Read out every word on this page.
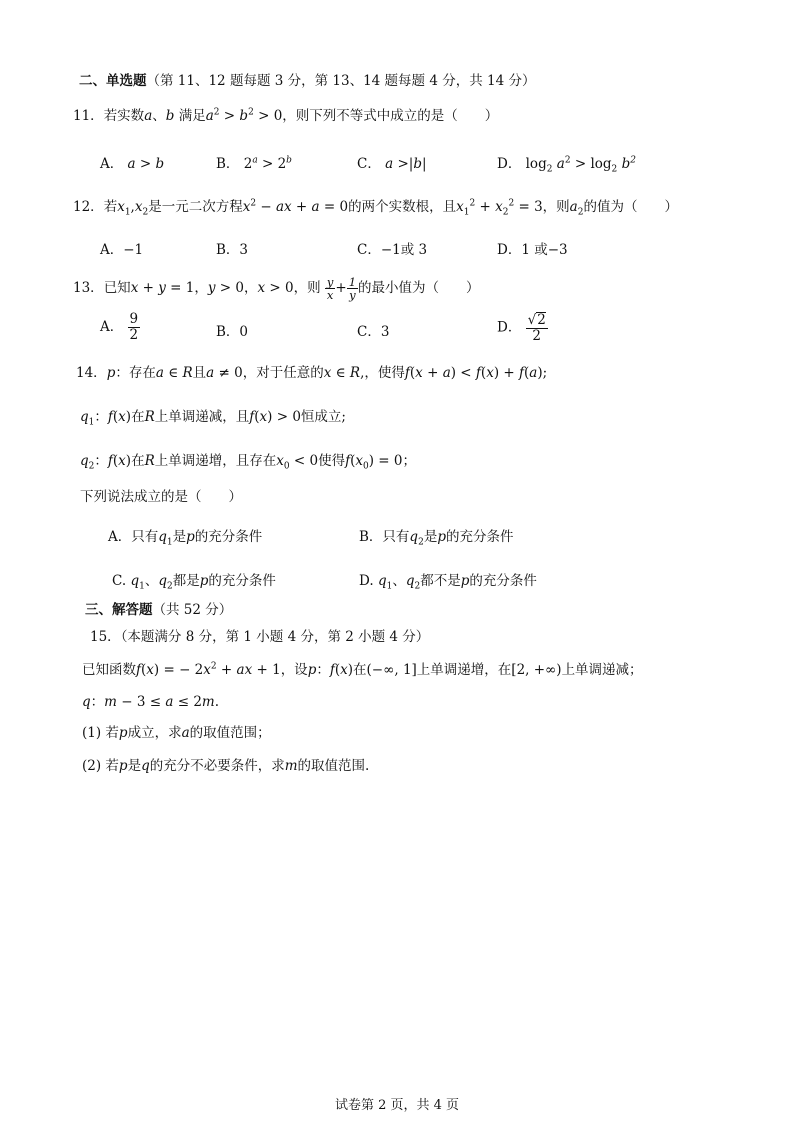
二、单选题（第 11、12 题每题 3 分，第 13、14 题每题 4 分，共 14 分）
11．若实数a、b 满足$a^2 > b^2 > 0$，则下列不等式中成立的是（　　）
A． a > b	B． $2^a > 2^b$	C． a >|b|	D． $\log_2 a^2 > \log_2 b^2$
12．若$x_1,x_2$是一元二次方程$x^2$ − ax + a = 0的两个实数根，且$x_1^2 + x_2^2 = 3$，则$a_2$的值为（　　）
A．−1	B．3	C．−1或 3	D．1 或−3
13．已知x + y = 1，y > 0，x > 0，则 $\frac{y}{x} + \frac{1}{y}$ 的最小值为（　　）
A． $\frac{9}{2}$	B．0	C．3	D． $\frac{√2}{2}$
14．p：存在a ∈ R且a ≠ 0，对于任意的x ∈ R,，使得f(x + a) < f(x) + f(a);
$q_1$：f(x)在R上单调递减，且f(x) > 0恒成立;
$q_2$：f(x)在R上单调递增，且存在$x_0 < 0$使得$f(x_0) = 0$；
下列说法成立的是（　　）
A．只有$q_1$是p的充分条件	B．只有$q_2$是p的充分条件
C. $q_1$、$q_2$都是p的充分条件	D. $q_1$、$q_2$都不是p的充分条件
三、解答题（共 52 分）
15．（本题满分 8 分，第 1 小题 4 分，第 2 小题 4 分）
已知函数f(x) = − $2x^2$ + ax + 1，设p：f(x)在(−∞, 1]上单调递增，在[2, +∞)上单调递减；
q：m − 3 ≤ a ≤ 2m.
(1) 若p成立，求a的取值范围；
(2) 若p是q的充分不必要条件，求m的取值范围.
试卷第 2 页，共 4 页
